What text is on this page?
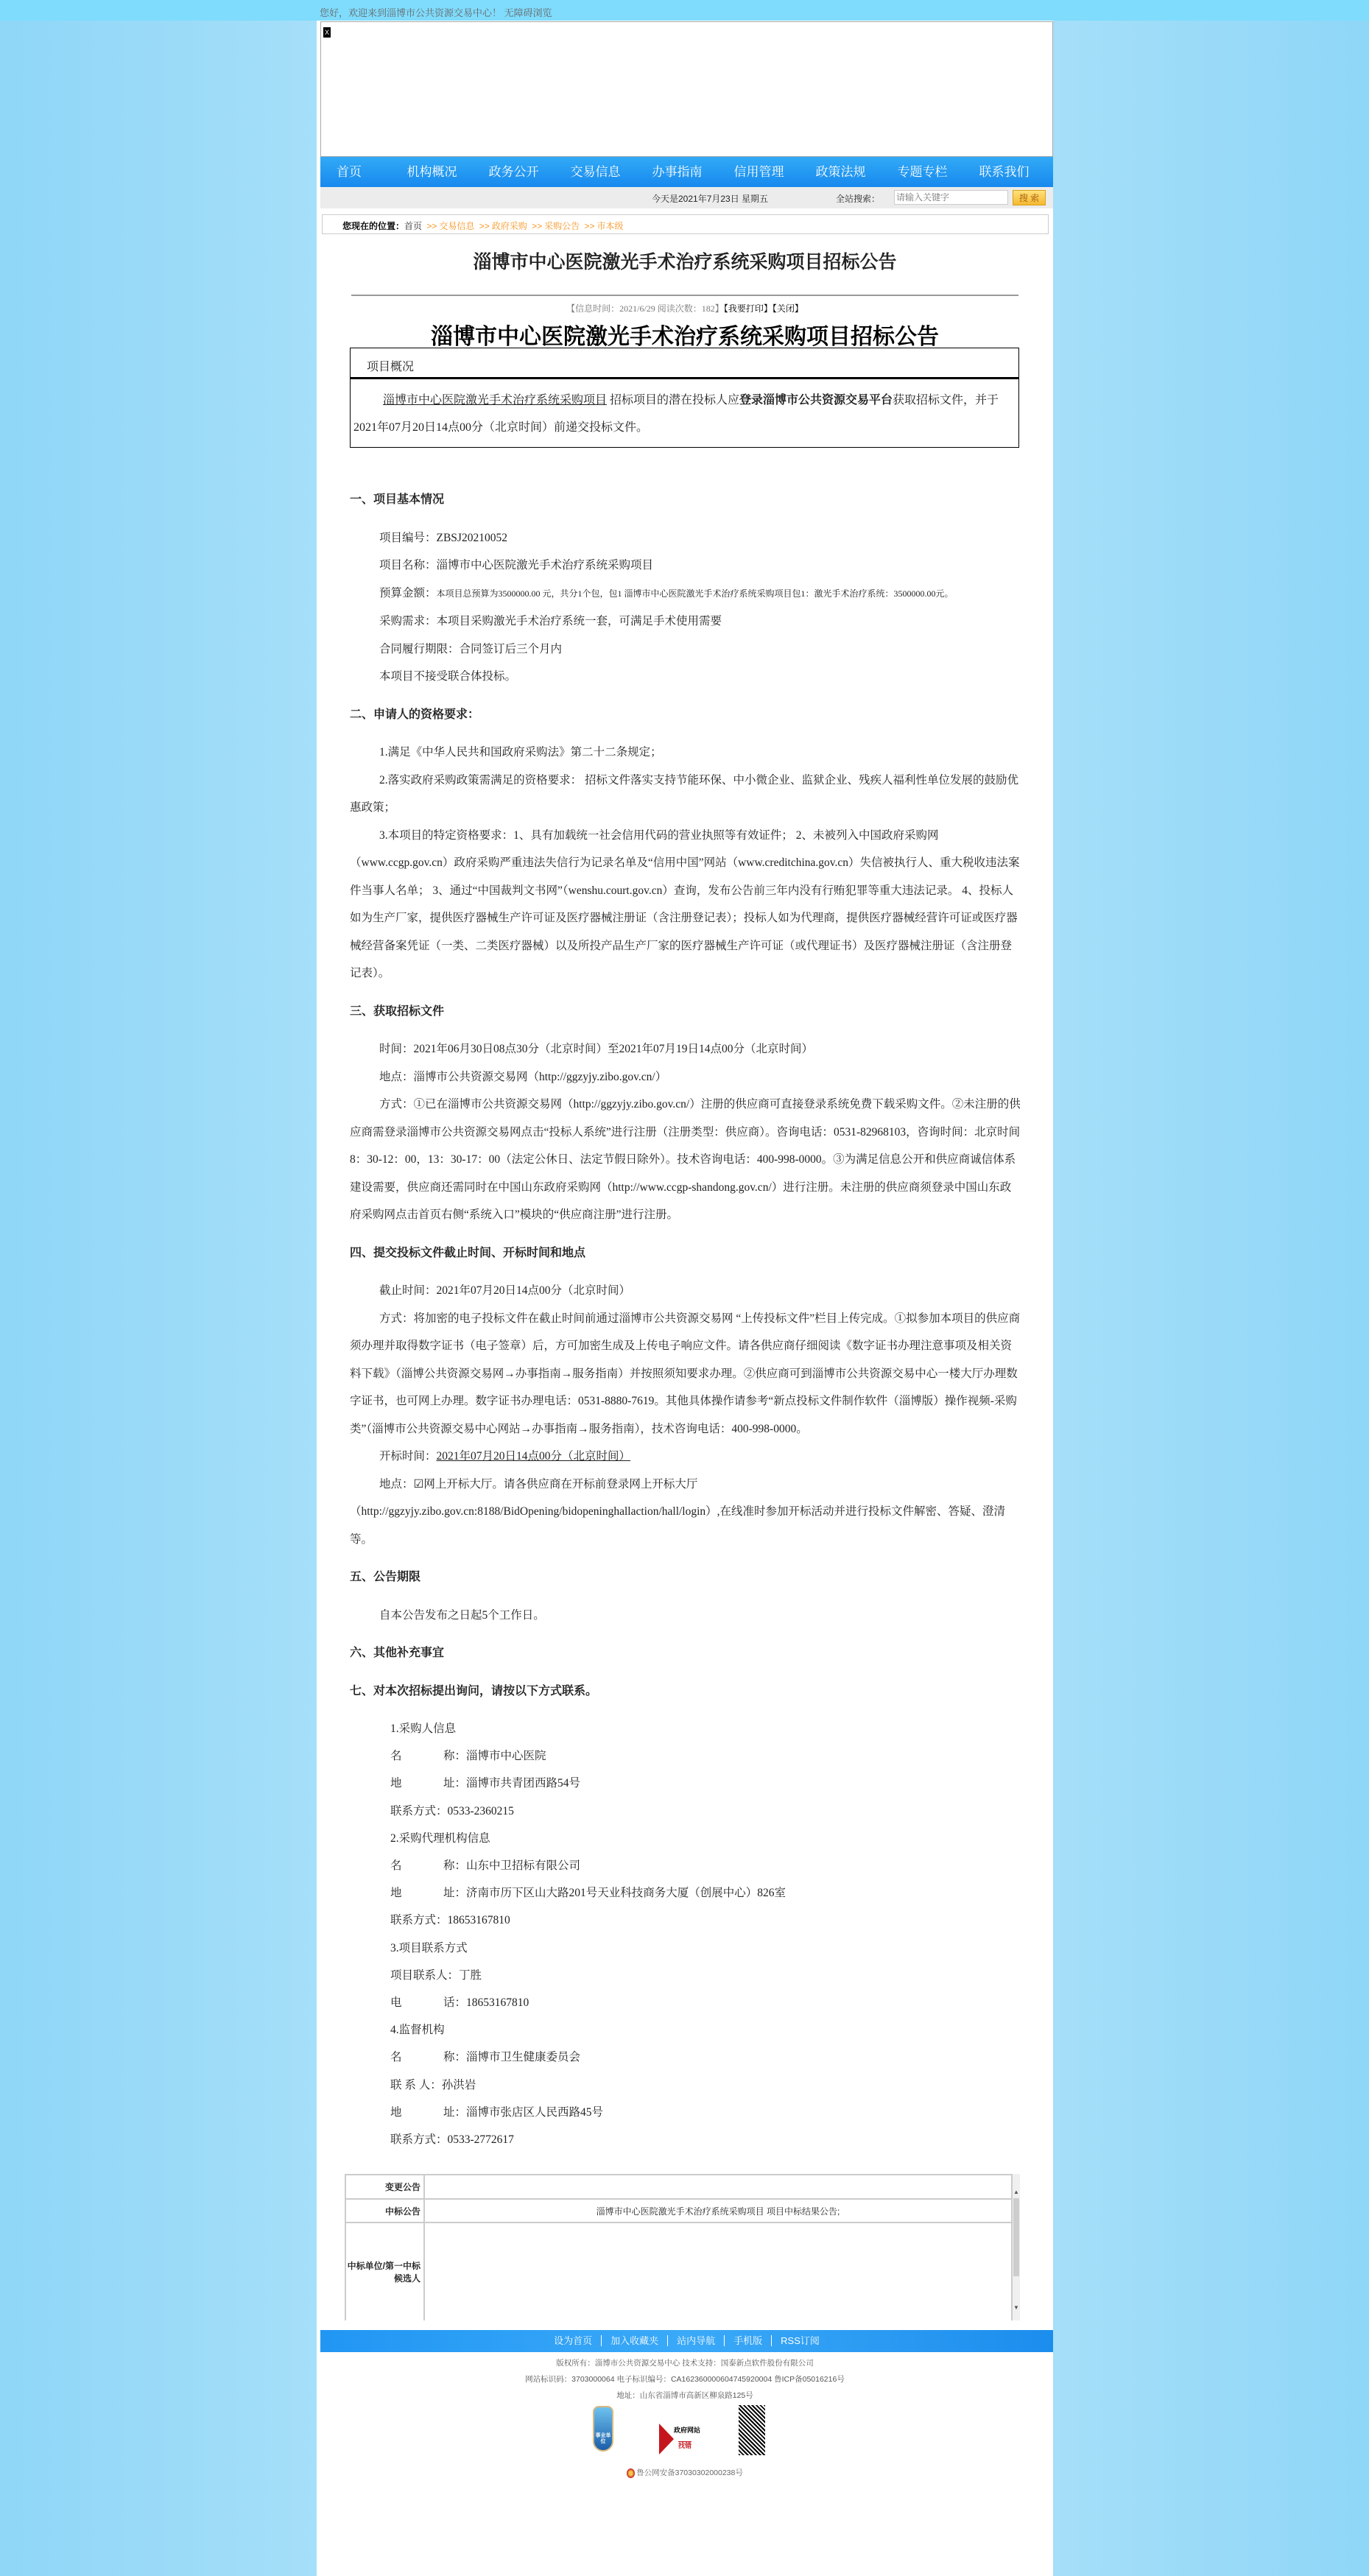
您好，欢迎来到淄博市公共资源交易中心！ 无障碍浏览
X
首页	机构概况	政务公开	交易信息	办事指南	信用管理	政策法规	专题专栏	联系我们
今天是2021年7月23日 星期五	全站搜索：
请输入关键字	搜 索
您现在的位置：首页 >> 交易信息 >> 政府采购 >> 采购公告 >> 市本级
淄博市中心医院激光手术治疗系统采购项目招标公告
【信息时间：2021/6/29 阅读次数：182】【我要打印】【关闭】
淄博市中心医院激光手术治疗系统采购项目招标公告
项目概况
淄博市中心医院激光手术治疗系统采购项目 招标项目的潜在投标人应登录淄博市公共资源交易平台获取招标文件，并于2021年07月20日14点00分（北京时间）前递交投标文件。
一、项目基本情况

项目编号：ZBSJ20210052

项目名称：淄博市中心医院激光手术治疗系统采购项目

预算金额：本项目总预算为3500000.00 元，共分1个包，包1 淄博市中心医院激光手术治疗系统采购项目包1：激光手术治疗系统：3500000.00元。

采购需求：本项目采购激光手术治疗系统一套，可满足手术使用需要

合同履行期限：合同签订后三个月内

本项目不接受联合体投标。

二、申请人的资格要求：

1.满足《中华人民共和国政府采购法》第二十二条规定；

2.落实政府采购政策需满足的资格要求： 招标文件落实支持节能环保、中小微企业、监狱企业、残疾人福利性单位发展的鼓励优惠政策；

3.本项目的特定资格要求：1、具有加载统一社会信用代码的营业执照等有效证件； 2、未被列入中国政府采购网（www.ccgp.gov.cn）政府采购严重违法失信行为记录名单及“信用中国”网站（www.creditchina.gov.cn）失信被执行人、重大税收违法案件当事人名单； 3、通过“中国裁判文书网”（wenshu.court.gov.cn）查询，发布公告前三年内没有行贿犯罪等重大违法记录。 4、投标人如为生产厂家，提供医疗器械生产许可证及医疗器械注册证（含注册登记表）；投标人如为代理商，提供医疗器械经营许可证或医疗器械经营备案凭证（一类、二类医疗器械）以及所投产品生产厂家的医疗器械生产许可证（或代理证书）及医疗器械注册证（含注册登记表）。

三、获取招标文件

时间：2021年06月30日08点30分（北京时间）至2021年07月19日14点00分（北京时间）

地点：淄博市公共资源交易网（http://ggzyjy.zibo.gov.cn/）

方式：①已在淄博市公共资源交易网（http://ggzyjy.zibo.gov.cn/）注册的供应商可直接登录系统免费下载采购文件。②未注册的供应商需登录淄博市公共资源交易网点击“投标人系统”进行注册（注册类型：供应商）。咨询电话：0531-82968103，咨询时间：北京时间8：30-12：00，13：30-17：00（法定公休日、法定节假日除外）。技术咨询电话：400-998-0000。③为满足信息公开和供应商诚信体系建设需要，供应商还需同时在中国山东政府采购网（http://www.ccgp-shandong.gov.cn/）进行注册。未注册的供应商须登录中国山东政府采购网点击首页右侧“系统入口”模块的“供应商注册”进行注册。

四、提交投标文件截止时间、开标时间和地点

截止时间：2021年07月20日14点00分（北京时间）

方式：将加密的电子投标文件在截止时间前通过淄博市公共资源交易网 “上传投标文件”栏目上传完成。①拟参加本项目的供应商须办理并取得数字证书（电子签章）后，方可加密生成及上传电子响应文件。请各供应商仔细阅读《数字证书办理注意事项及相关资料下载》（淄博公共资源交易网→办事指南→服务指南）并按照须知要求办理。②供应商可到淄博市公共资源交易中心一楼大厅办理数字证书，也可网上办理。数字证书办理电话：0531-8880-7619。其他具体操作请参考“新点投标文件制作软件（淄博版）操作视频-采购类”（淄博市公共资源交易中心网站→办事指南→服务指南），技术咨询电话：400-998-0000。

开标时间：2021年07月20日14点00分（北京时间）

地点：☑网上开标大厅。请各供应商在开标前登录网上开标大厅（http://ggzyjy.zibo.gov.cn:8188/BidOpening/bidopeninghallaction/hall/login）,在线准时参加开标活动并进行投标文件解密、答疑、澄清等。

五、公告期限

自本公告发布之日起5个工作日。

六、其他补充事宜
七、对本次招标提出询问，请按以下方式联系。

1.采购人信息

名	称：淄博市中心医院

地	址：淄博市共青团西路54号

联系方式：0533-2360215

2.采购代理机构信息

名	称：山东中卫招标有限公司

地	址：济南市历下区山大路201号天业科技商务大厦（创展中心）826室

联系方式：18653167810

3.项目联系方式

项目联系人：丁胜

电	话：18653167810

4.监督机构

名	称：淄博市卫生健康委员会

联 系 人：孙洪岩

地	址：淄博市张店区人民西路45号

联系方式：0533-2772617

变更公告	
中标公告	淄博市中心医院激光手术治疗系统采购项目 项目中标结果公告;
中标单位/第一中标候选人	
▲
▼
设为首页 加入收藏夹 站内导航 手机版 RSS订阅
版权所有：淄博市公共资源交易中心 技术支持：国泰新点软件股份有限公司
网站标识码：3703000064 电子标识编号：CA162360000604745920004 鲁ICP备05016216号
地址：山东省淄博市高新区柳泉路125号
事业单位
政府网站
找错
鲁公网安备37030302000238号
